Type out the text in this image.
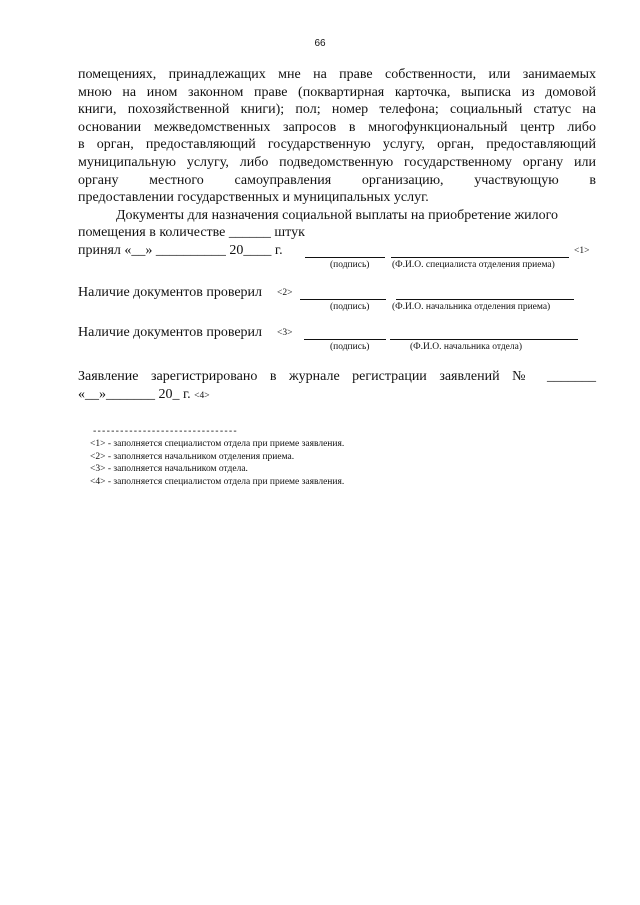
66
помещениях, принадлежащих мне на праве собственности, или занимаемых
мною на ином законном праве (поквартирная карточка, выписка из домовой
книги, похозяйственной книги); пол; номер телефона; социальный статус на
основании межведомственных запросов в многофункциональный центр либо
в орган, предоставляющий государственную услугу, орган, предоставляющий
муниципальную услугу, либо подведомственную государственному органу или
органу местного самоуправления организацию, участвующую в
предоставлении государственных и муниципальных услуг.
Документы для назначения социальной выплаты на приобретение жилого
помещения в количестве ______ штук
принял «__» __________ 20____ г.	<1>
(подпись) (Ф.И.О. специалиста отделения приема)
Наличие документов проверил <2>
(подпись) (Ф.И.О. начальника отделения приема)
Наличие документов проверил <3>
(подпись)	(Ф.И.О. начальника отдела)
Заявление зарегистрировано в журнале регистрации заявлений № _______
«__»_______ 20_ г. <4>
--------------------------------
<1> - заполняется специалистом отдела при приеме заявления.
<2> - заполняется начальником отделения приема.
<3> - заполняется начальником отдела.
<4> - заполняется специалистом отдела при приеме заявления.
